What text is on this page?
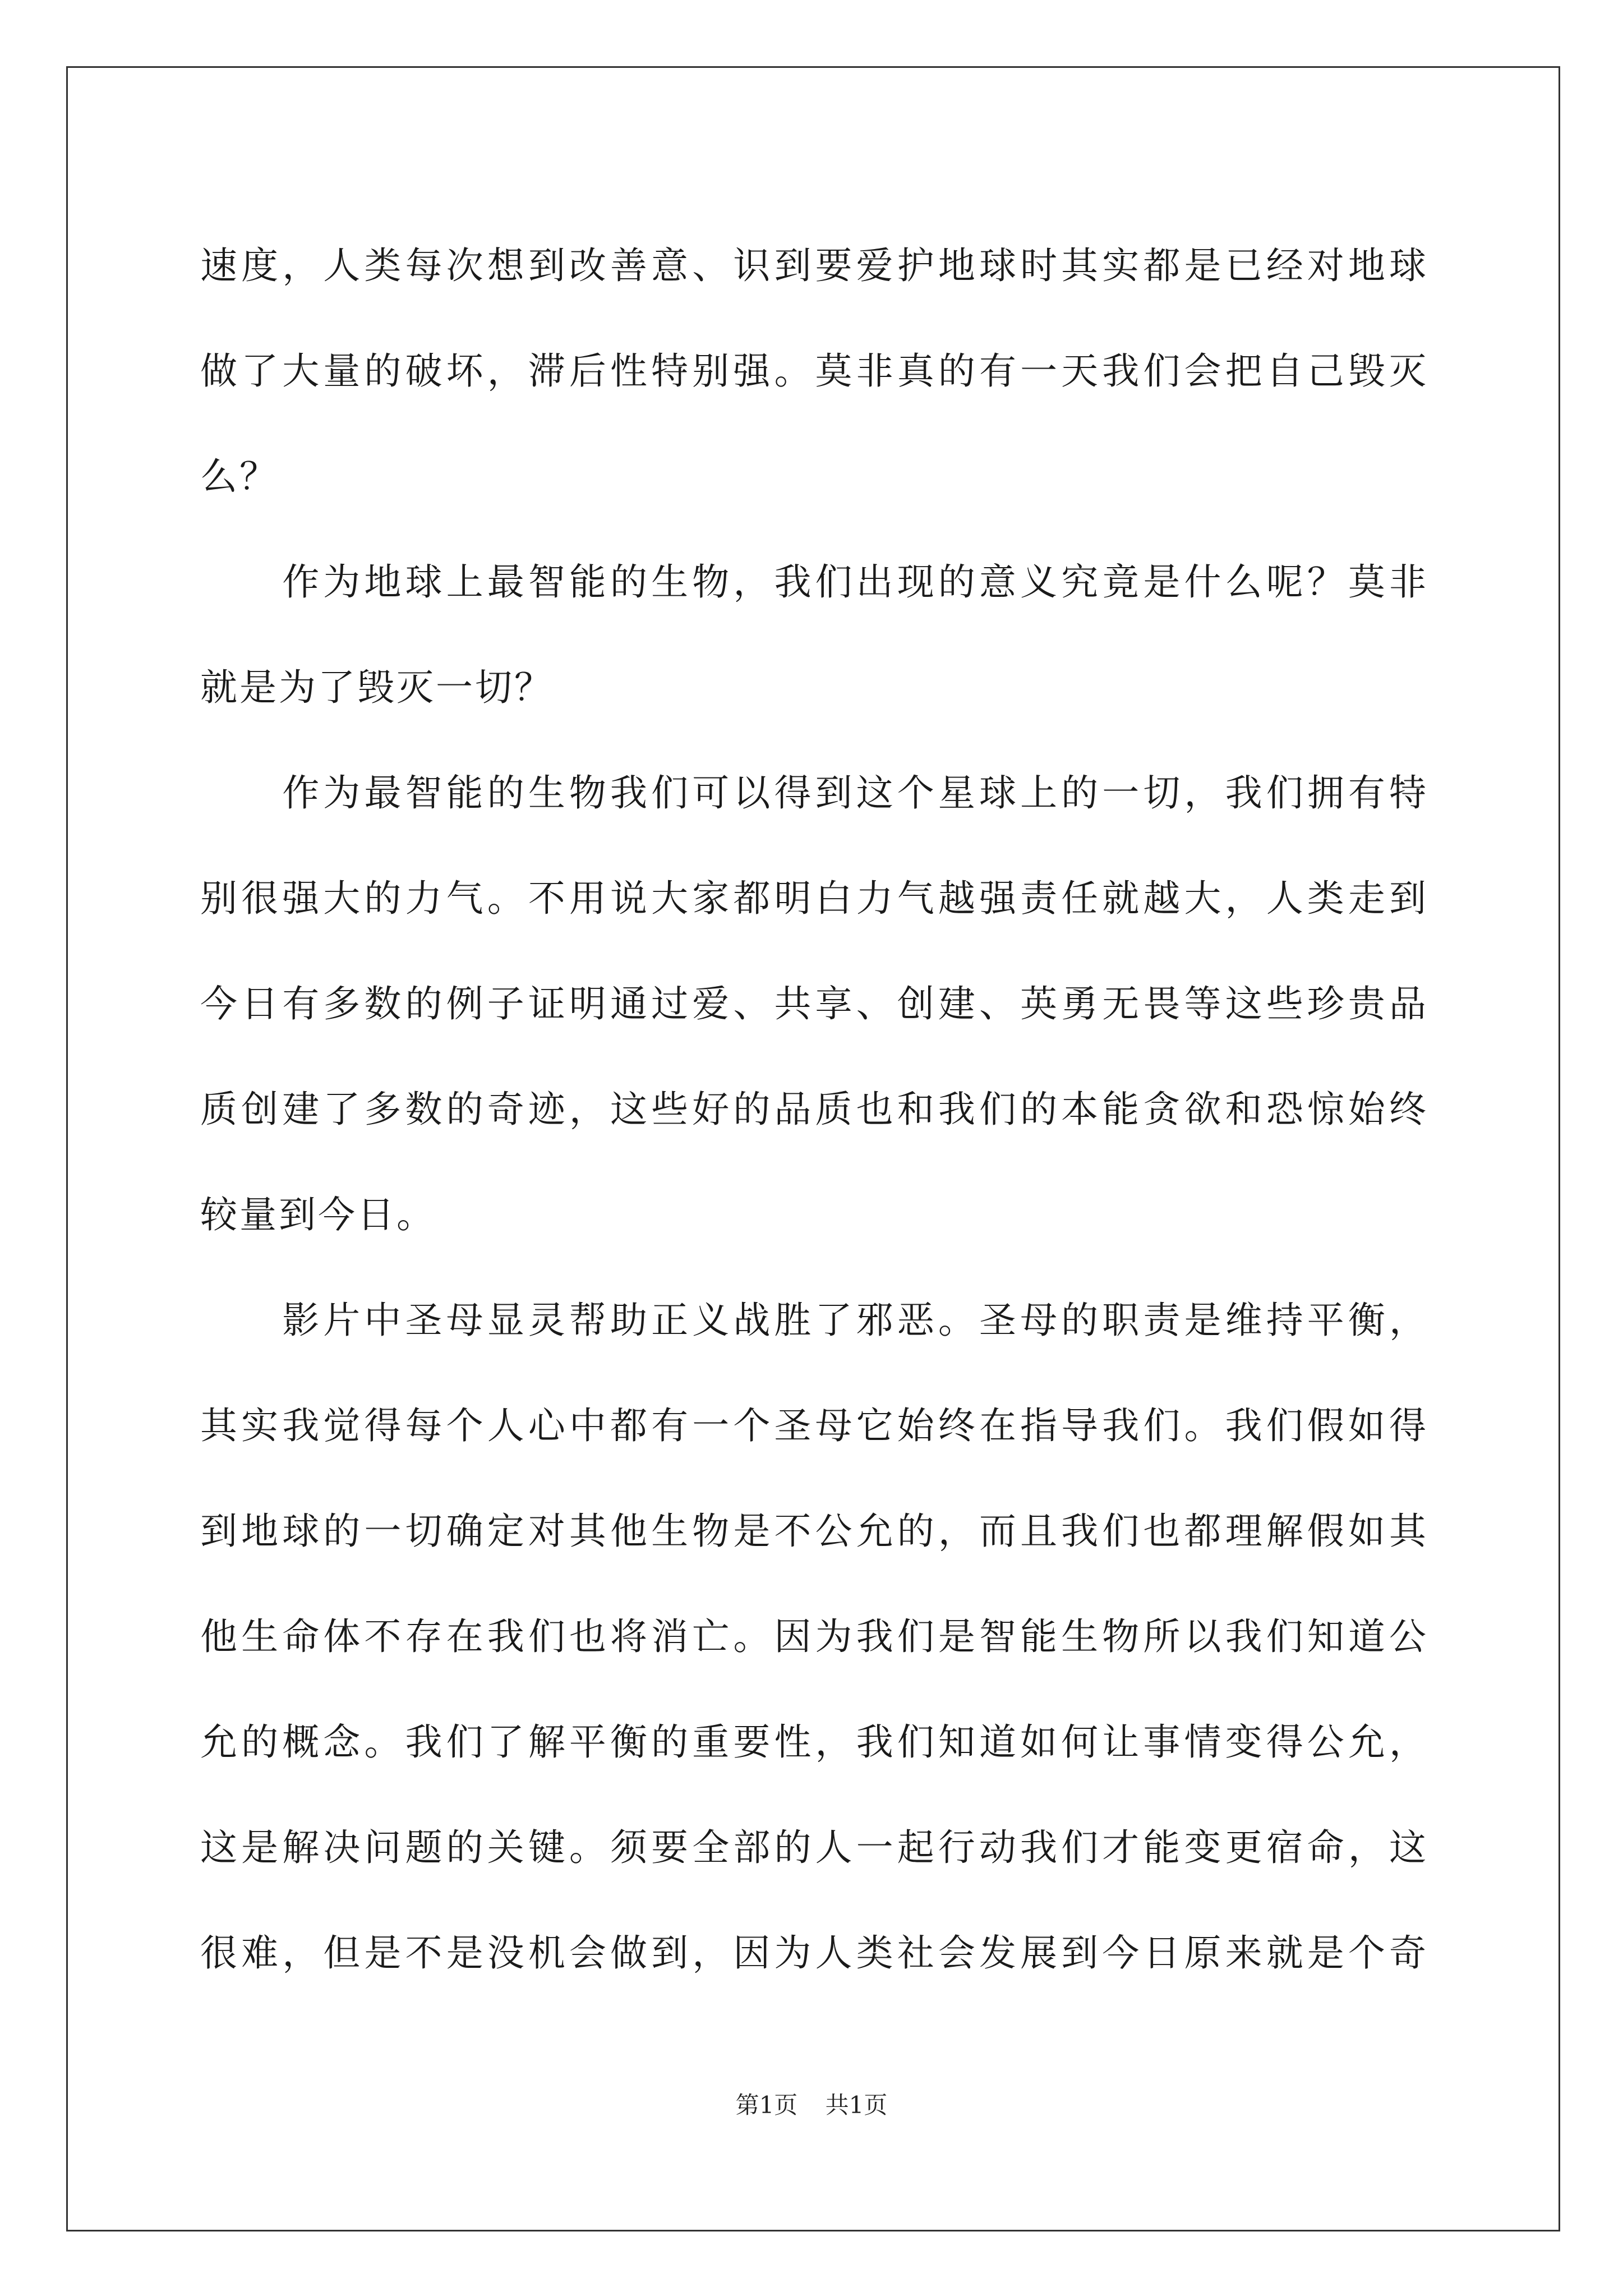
速度，人类每次想到改善意、识到要爱护地球时其实都是已经对地球
做了大量的破坏，滞后性特别强。莫非真的有一天我们会把自己毁灭
么？
　　作为地球上最智能的生物，我们出现的意义究竟是什么呢？莫非
就是为了毁灭一切？
　　作为最智能的生物我们可以得到这个星球上的一切，我们拥有特
别很强大的力气。不用说大家都明白力气越强责任就越大，人类走到
今日有多数的例子证明通过爱、共享、创建、英勇无畏等这些珍贵品
质创建了多数的奇迹，这些好的品质也和我们的本能贪欲和恐惊始终
较量到今日。
　　影片中圣母显灵帮助正义战胜了邪恶。圣母的职责是维持平衡，
其实我觉得每个人心中都有一个圣母它始终在指导我们。我们假如得
到地球的一切确定对其他生物是不公允的，而且我们也都理解假如其
他生命体不存在我们也将消亡。因为我们是智能生物所以我们知道公
允的概念。我们了解平衡的重要性，我们知道如何让事情变得公允，
这是解决问题的关键。须要全部的人一起行动我们才能变更宿命，这
很难，但是不是没机会做到，因为人类社会发展到今日原来就是个奇
第1页 共1页
